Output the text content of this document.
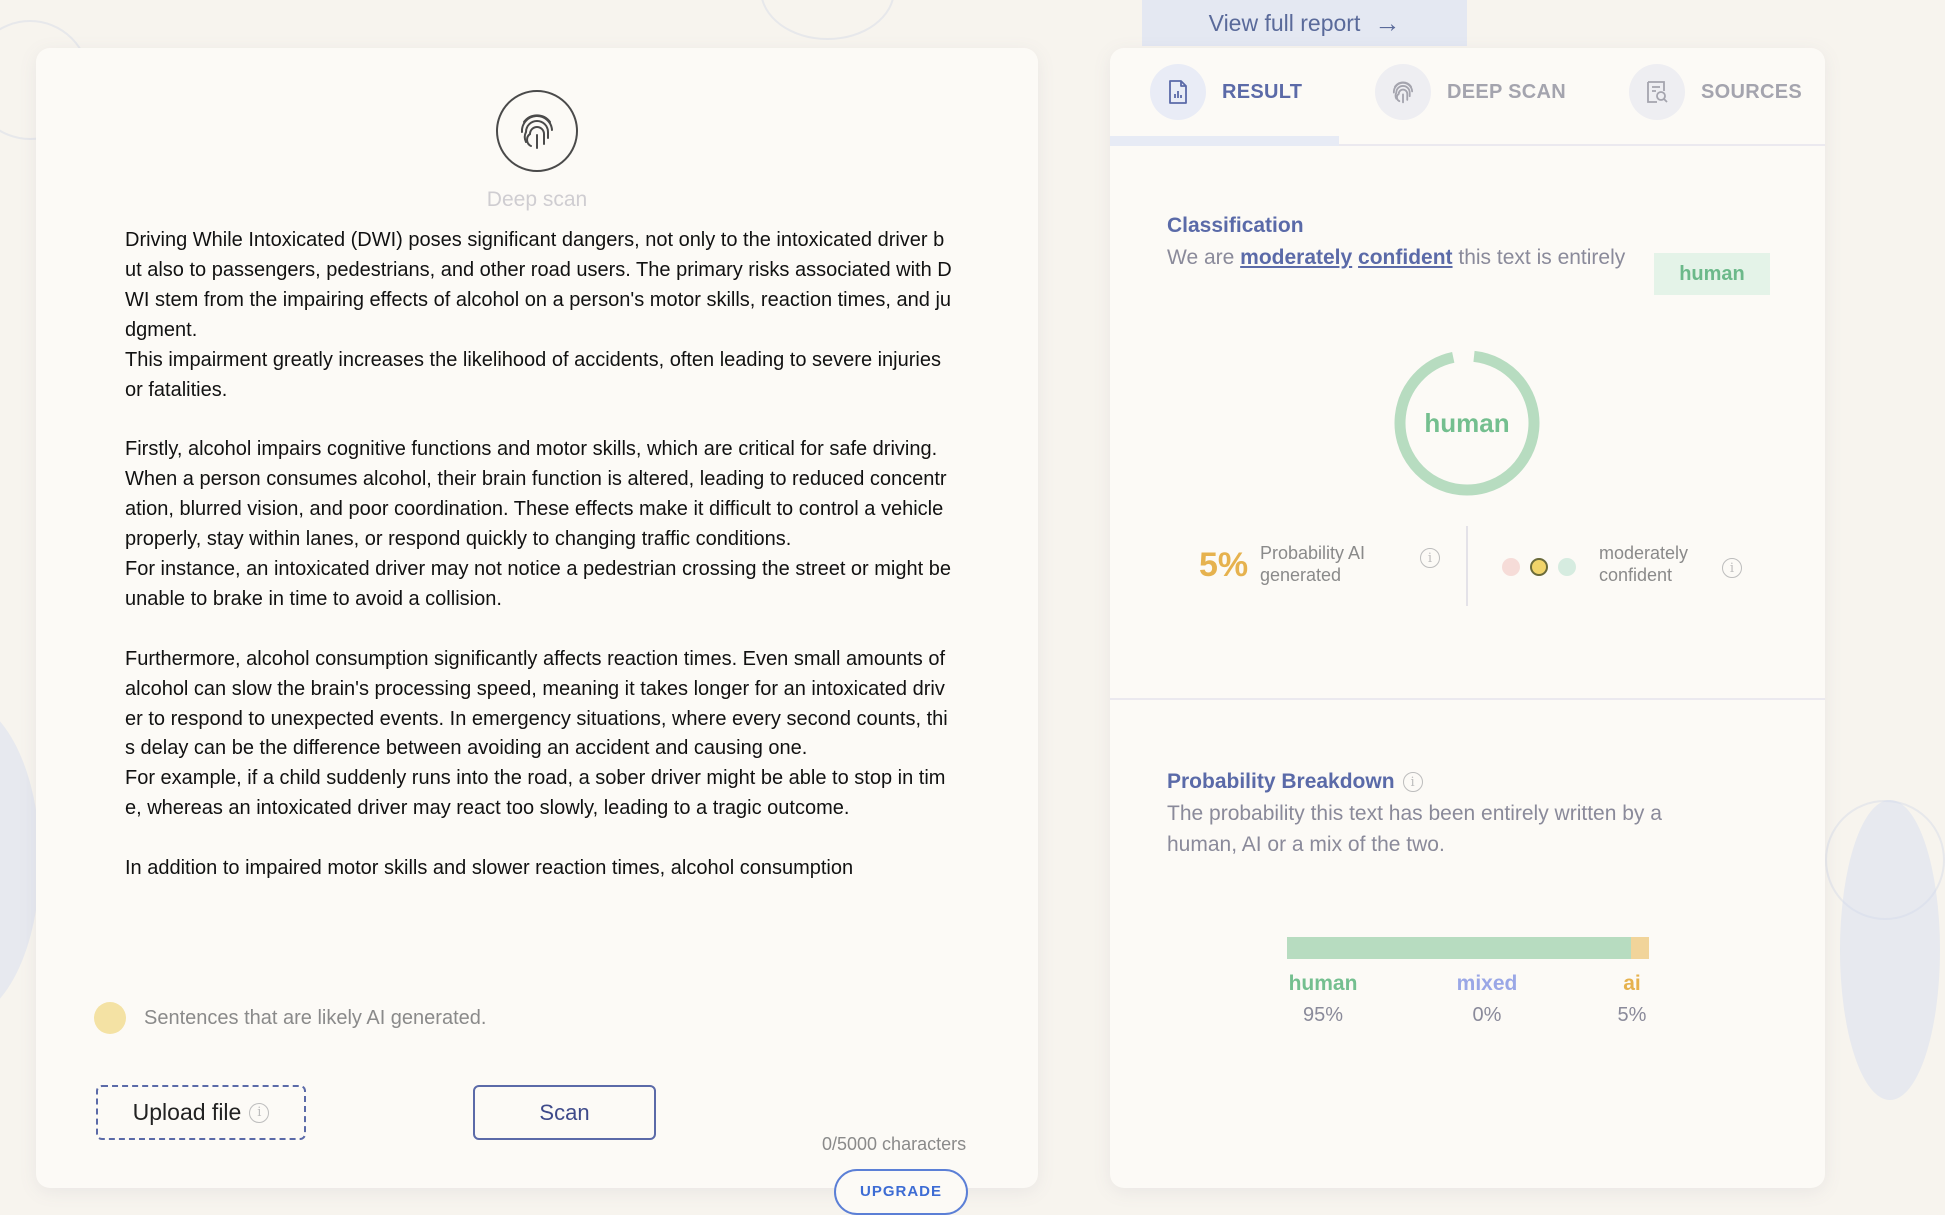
View full report →
Deep scan
Driving While Intoxicated (DWI) poses significant dangers, not only to the intoxicated driver but also to passengers, pedestrians, and other road users. The primary risks associated with DWI stem from the impairing effects of alcohol on a person's motor skills, reaction times, and judgment.
This impairment greatly increases the likelihood of accidents, often leading to severe injuries or fatalities.

Firstly, alcohol impairs cognitive functions and motor skills, which are critical for safe driving. When a person consumes alcohol, their brain function is altered, leading to reduced concentration, blurred vision, and poor coordination. These effects make it difficult to control a vehicle properly, stay within lanes, or respond quickly to changing traffic conditions.
For instance, an intoxicated driver may not notice a pedestrian crossing the street or might be unable to brake in time to avoid a collision.

Furthermore, alcohol consumption significantly affects reaction times. Even small amounts of alcohol can slow the brain's processing speed, meaning it takes longer for an intoxicated driver to respond to unexpected events. In emergency situations, where every second counts, this delay can be the difference between avoiding an accident and causing one.
For example, if a child suddenly runs into the road, a sober driver might be able to stop in time, whereas an intoxicated driver may react too slowly, leading to a tragic outcome.

In addition to impaired motor skills and slower reaction times, alcohol consumption
Sentences that are likely AI generated.
Upload file	i	Scan
0/5000 characters
UPGRADE
RESULT	DEEP SCAN	SOURCES
Classification
We are moderately confident this text is entirely
human
human
5% Probability AI generated
i	moderately confident	i
Probability Breakdown	i
The probability this text has been entirely written by a human, AI or a mix of the two.
human
95%
mixed
0%
ai
5%
